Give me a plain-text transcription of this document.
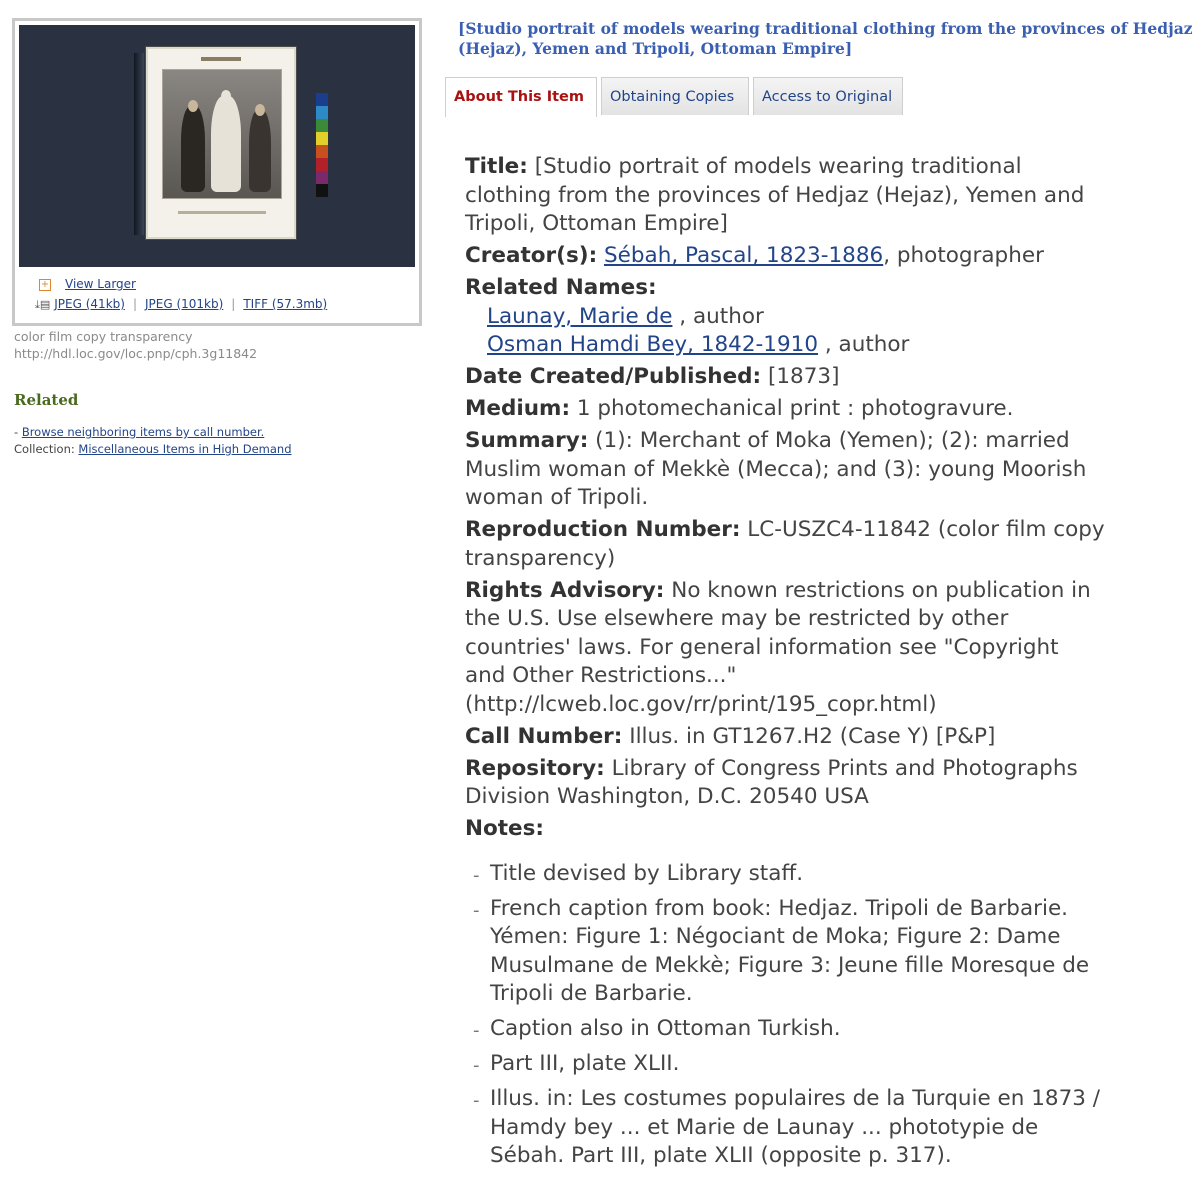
+ View Larger
⤓▤ JPEG (41kb) | JPEG (101kb) | TIFF (57.3mb)
color film copy transparency
http://hdl.loc.gov/loc.pnp/cph.3g11842
Related
- Browse neighboring items by call number.
Collection: Miscellaneous Items in High Demand
[Studio portrait of models wearing traditional clothing from the provinces of Hedjaz (Hejaz), Yemen and Tripoli, Ottoman Empire]
About This Item	Obtaining Copies	Access to Original
Title: [Studio portrait of models wearing traditional clothing from the provinces of Hedjaz (Hejaz), Yemen and Tripoli, Ottoman Empire]
Creator(s): Sébah, Pascal, 1823-1886, photographer
Related Names:
Launay, Marie de , author
Osman Hamdi Bey, 1842-1910 , author
Date Created/Published: [1873]
Medium: 1 photomechanical print : photogravure.
Summary: (1): Merchant of Moka (Yemen); (2): married Muslim woman of Mekkè (Mecca); and (3): young Moorish woman of Tripoli.
Reproduction Number: LC-USZC4-11842 (color film copy transparency)
Rights Advisory: No known restrictions on publication in the U.S. Use elsewhere may be restricted by other countries' laws. For general information see "Copyright and Other Restrictions..." (http://lcweb.loc.gov/rr/print/195_copr.html)
Call Number: Illus. in GT1267.H2 (Case Y) [P&P]
Repository: Library of Congress Prints and Photographs Division Washington, D.C. 20540 USA
Notes:
- Title devised by Library staff.
- French caption from book: Hedjaz. Tripoli de Barbarie. Yémen: Figure 1: Négociant de Moka; Figure 2: Dame Musulmane de Mekkè; Figure 3: Jeune fille Moresque de Tripoli de Barbarie.
- Caption also in Ottoman Turkish.
- Part III, plate XLII.
- Illus. in: Les costumes populaires de la Turquie en 1873 / Hamdy bey ... et Marie de Launay ... phototypie de Sébah. Part III, plate XLII (opposite p. 317).
